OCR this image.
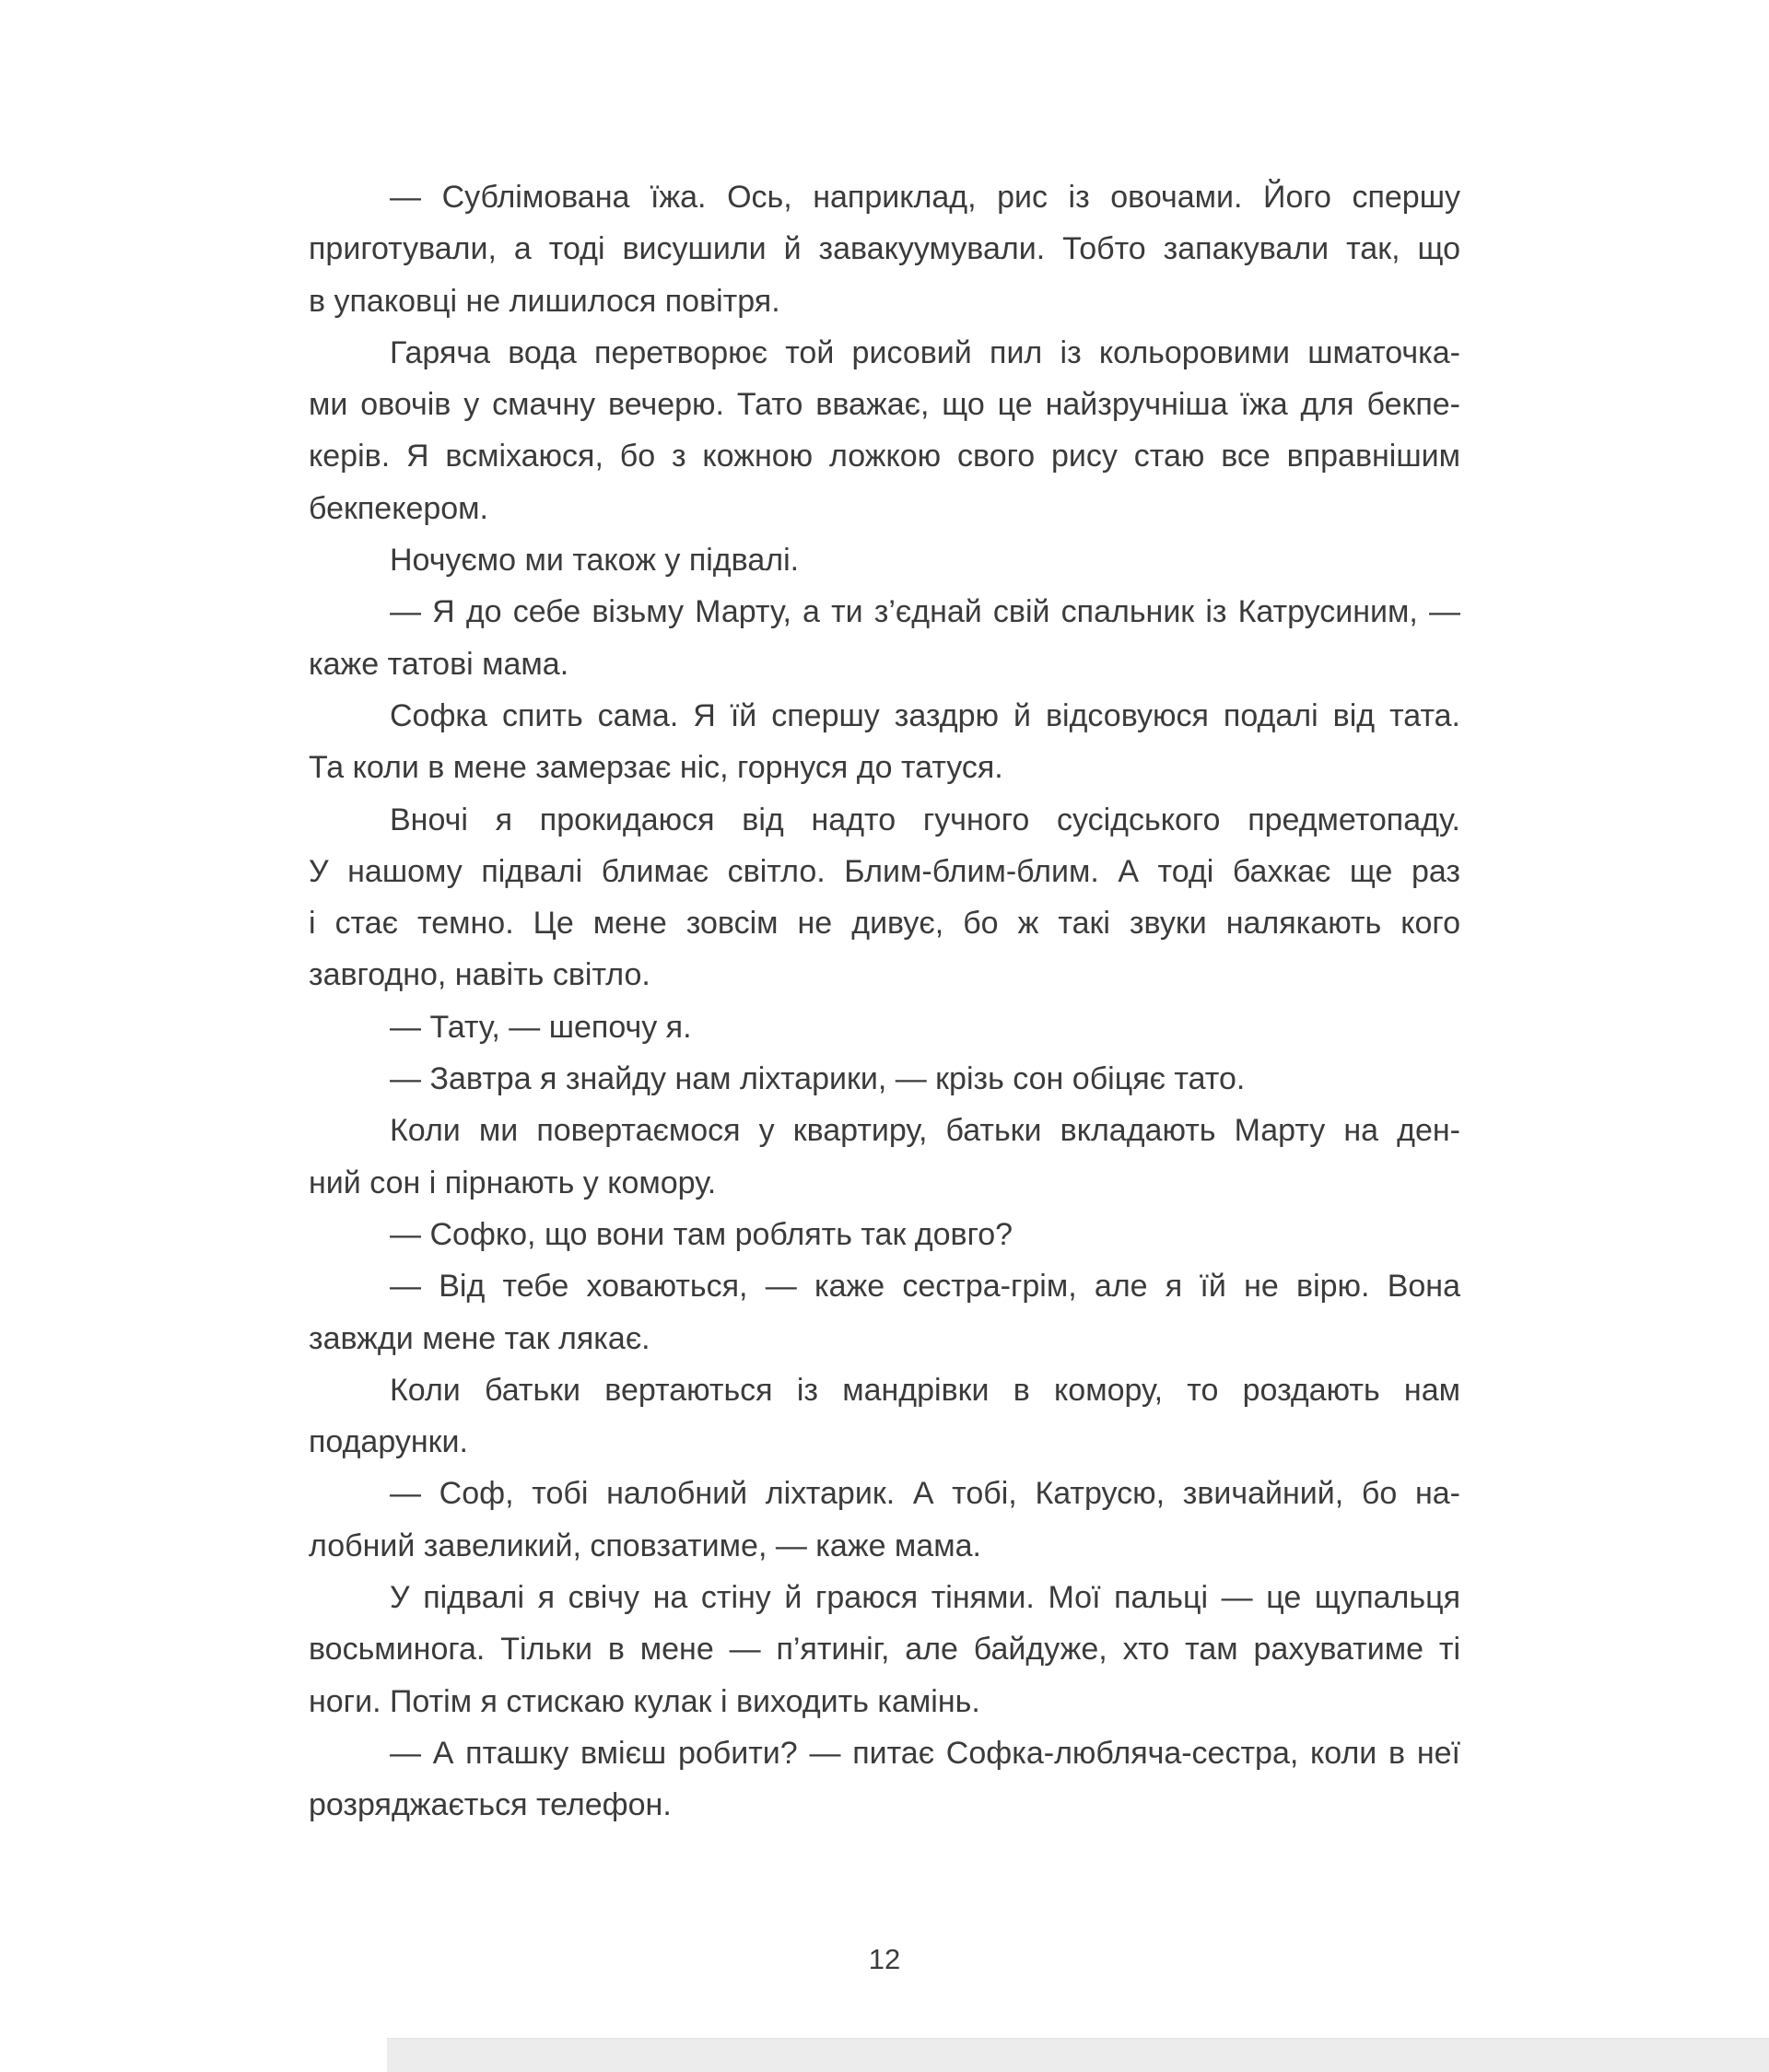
— Сублімована їжа. Ось, наприклад, рис із овочами. Його спершу
приготували, а тоді висушили й завакуумували. Тобто запакували так, що
в упаковці не лишилося повітря.
Гаряча вода перетворює той рисовий пил із кольоровими шматочка-
ми овочів у смачну вечерю. Тато вважає, що це найзручніша їжа для бекпе-
керів. Я всміхаюся, бо з кожною ложкою свого рису стаю все вправнішим
бекпекером.
Ночуємо ми також у підвалі.
— Я до себе візьму Марту, а ти з’єднай свій спальник із Катрусиним, —
каже татові мама.
Софка спить сама. Я їй спершу заздрю й відсовуюся подалі від тата.
Та коли в мене замерзає ніс, горнуся до татуся.
Вночі я прокидаюся від надто гучного сусідського предметопаду.
У нашому підвалі блимає світло. Блим-блим-блим. А тоді бахкає ще раз
і стає темно. Це мене зовсім не дивує, бо ж такі звуки налякають кого
завгодно, навіть світло.
— Тату, — шепочу я.
— Завтра я знайду нам ліхтарики, — крізь сон обіцяє тато.
Коли ми повертаємося у квартиру, батьки вкладають Марту на ден-
ний сон і пірнають у комору.
— Софко, що вони там роблять так довго?
— Від тебе ховаються, — каже сестра-грім, але я їй не вірю. Вона
завжди мене так лякає.
Коли батьки вертаються із мандрівки в комору, то роздають нам
подарунки.
— Соф, тобі налобний ліхтарик. А тобі, Катрусю, звичайний, бо на-
лобний завеликий, сповзатиме, — каже мама.
У підвалі я свічу на стіну й граюся тінями. Мої пальці — це щупальця
восьминога. Тільки в мене — п’ятиніг, але байдуже, хто там рахуватиме ті
ноги. Потім я стискаю кулак і виходить камінь.
— А пташку вмієш робити? — питає Софка-любляча-сестра, коли в неї
розряджається телефон.
12
